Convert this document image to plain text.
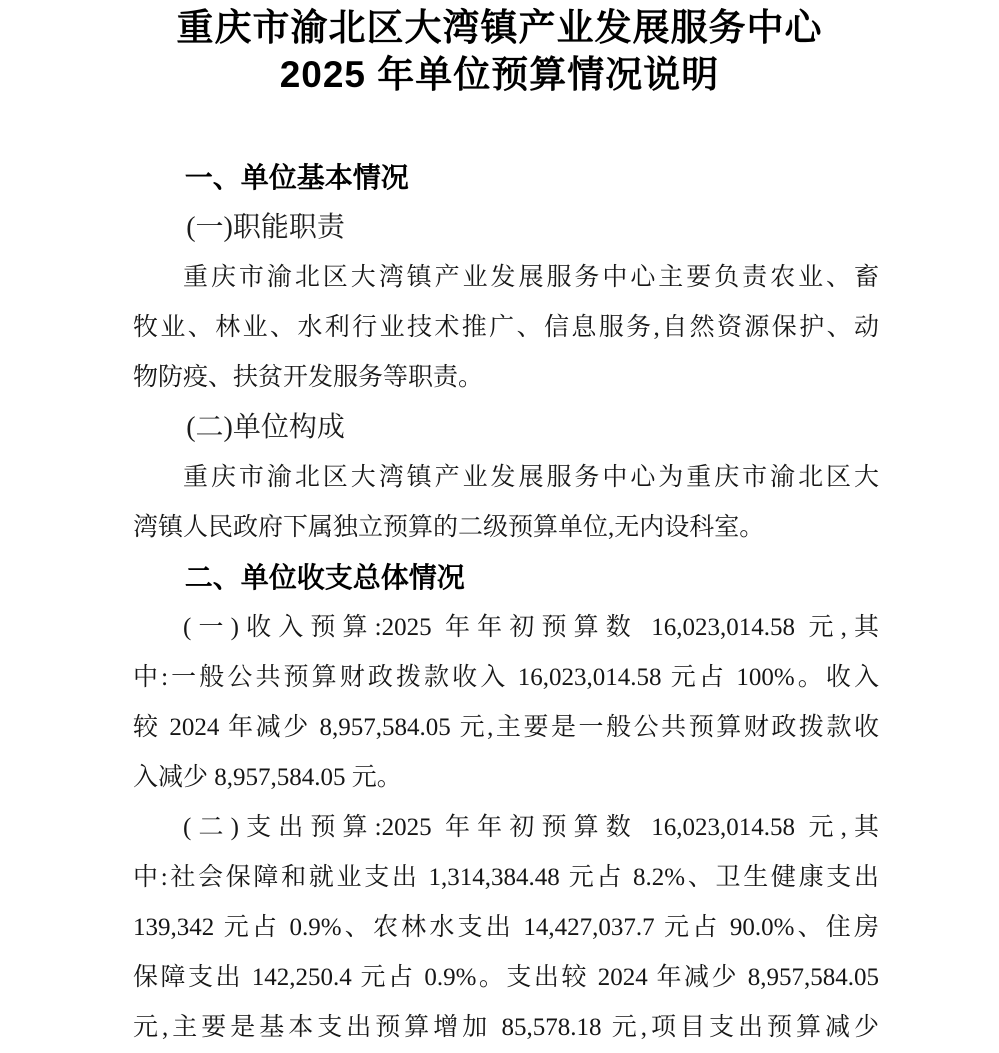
重庆市渝北区大湾镇产业发展服务中心
2025 年单位预算情况说明
一、单位基本情况
(一)职能职责
重庆市渝北区大湾镇产业发展服务中心主要负责农业、畜
牧业、林业、水利行业技术推广、信息服务,自然资源保护、动
物防疫、扶贫开发服务等职责。
(二)单位构成
重庆市渝北区大湾镇产业发展服务中心为重庆市渝北区大
湾镇人民政府下属独立预算的二级预算单位,无内设科室。
二、单位收支总体情况
(一)收入预算:2025 年年初预算数 16,023,014.58 元,其
中:一般公共预算财政拨款收入 16,023,014.58 元占 100%。收入
较 2024 年减少 8,957,584.05 元,主要是一般公共预算财政拨款收
入减少 8,957,584.05 元。
(二)支出预算:2025 年年初预算数 16,023,014.58 元,其
中:社会保障和就业支出 1,314,384.48 元占 8.2%、卫生健康支出
139,342 元占 0.9%、农林水支出 14,427,037.7 元占 90.0%、住房
保障支出 142,250.4 元占 0.9%。支出较 2024 年减少 8,957,584.05
元,主要是基本支出预算增加 85,578.18 元,项目支出预算减少
